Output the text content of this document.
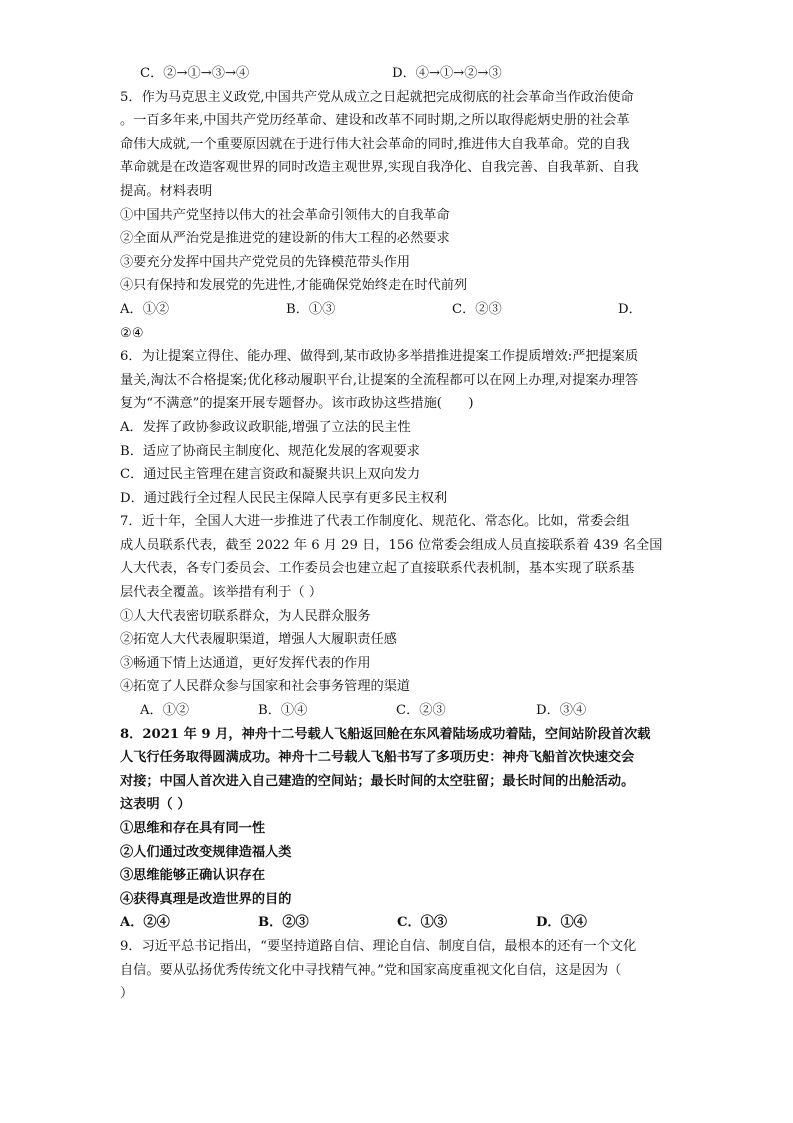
C．②→①→③→④	D．④→①→②→③
5．作为马克思主义政党,中国共产党从成立之日起就把完成彻底的社会革命当作政治使命
。一百多年来,中国共产党历经革命、建设和改革不同时期,之所以取得彪炳史册的社会革
命伟大成就,一个重要原因就在于进行伟大社会革命的同时,推进伟大自我革命。党的自我
革命就是在改造客观世界的同时改造主观世界,实现自我净化、自我完善、自我革新、自我
提高。材料表明
①中国共产党坚持以伟大的社会革命引领伟大的自我革命
②全面从严治党是推进党的建设新的伟大工程的必然要求
③要充分发挥中国共产党党员的先锋模范带头作用
④只有保持和发展党的先进性,才能确保党始终走在时代前列
A．①②	B．①③	C．②③	D．
②④
6．为让提案立得住、能办理、做得到,某市政协多举措推进提案工作提质增效:严把提案质
量关,淘汰不合格提案;优化移动履职平台,让提案的全流程都可以在网上办理,对提案办理答
复为“不满意”的提案开展专题督办。该市政协这些措施(　　)
A．发挥了政协参政议政职能,增强了立法的民主性
B．适应了协商民主制度化、规范化发展的客观要求
C．通过民主管理在建言资政和凝聚共识上双向发力
D．通过践行全过程人民民主保障人民享有更多民主权利
7．近十年，全国人大进一步推进了代表工作制度化、规范化、常态化。比如，常委会组
成人员联系代表，截至 2022 年 6 月 29 日，156 位常委会组成人员直接联系着 439 名全国
人大代表，各专门委员会、工作委员会也建立起了直接联系代表机制，基本实现了联系基
层代表全覆盖。该举措有利于（ ）
①人大代表密切联系群众，为人民群众服务
②拓宽人大代表履职渠道，增强人大履职责任感
③畅通下情上达通道，更好发挥代表的作用
④拓宽了人民群众参与国家和社会事务管理的渠道
A．①②	B．①④	C．②③	D．③④
8．2021 年 9 月，神舟十二号载人飞船返回舱在东风着陆场成功着陆，空间站阶段首次载
人飞行任务取得圆满成功。神舟十二号载人飞船书写了多项历史：神舟飞船首次快速交会
对接；中国人首次进入自己建造的空间站；最长时间的太空驻留；最长时间的出舱活动。
这表明（ ）
①思维和存在具有同一性
②人们通过改变规律造福人类
③思维能够正确认识存在
④获得真理是改造世界的目的
A．②④	B．②③	C．①③	D．①④
9．习近平总书记指出，“要坚持道路自信、理论自信、制度自信，最根本的还有一个文化
自信。要从弘扬优秀传统文化中寻找精气神。”党和国家高度重视文化自信，这是因为（
）
